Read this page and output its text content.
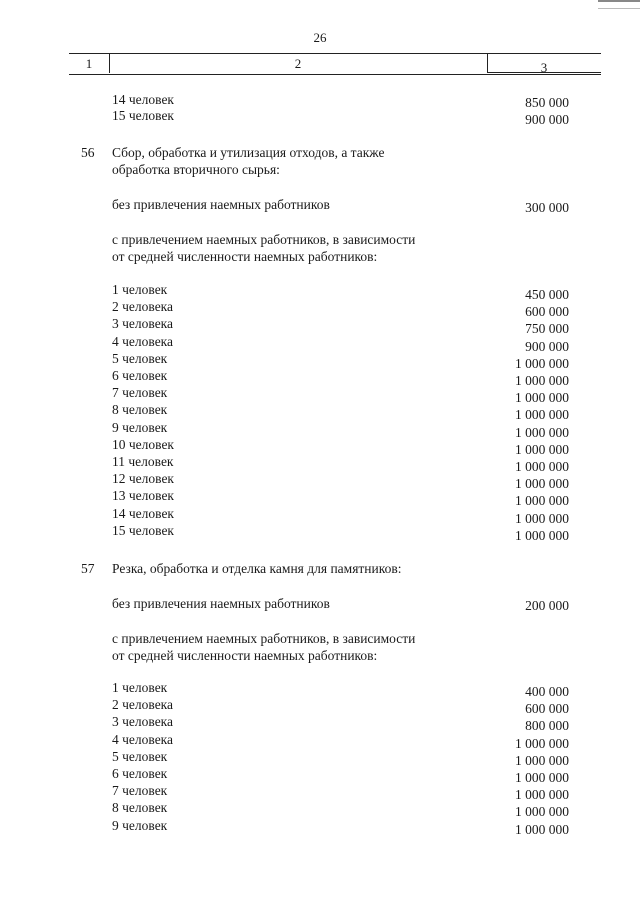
26
1	2	3
14 человек	850 000
15 человек	900 000
56 Сбор, обработка и утилизация отходов, а также
обработка вторичного сырья:
без привлечения наемных работников	300 000
с привлечением наемных работников, в зависимости
от средней численности наемных работников:
1 человек	450 000
2 человека	600 000
3 человека	750 000
4 человека	900 000
5 человек	1 000 000
6 человек	1 000 000
7 человек	1 000 000
8 человек	1 000 000
9 человек	1 000 000
10 человек	1 000 000
11 человек	1 000 000
12 человек	1 000 000
13 человек	1 000 000
14 человек	1 000 000
15 человек	1 000 000
57 Резка, обработка и отделка камня для памятников:
без привлечения наемных работников	200 000
с привлечением наемных работников, в зависимости
от средней численности наемных работников:
1 человек	400 000
2 человека	600 000
3 человека	800 000
4 человека	1 000 000
5 человек	1 000 000
6 человек	1 000 000
7 человек	1 000 000
8 человек	1 000 000
9 человек	1 000 000
